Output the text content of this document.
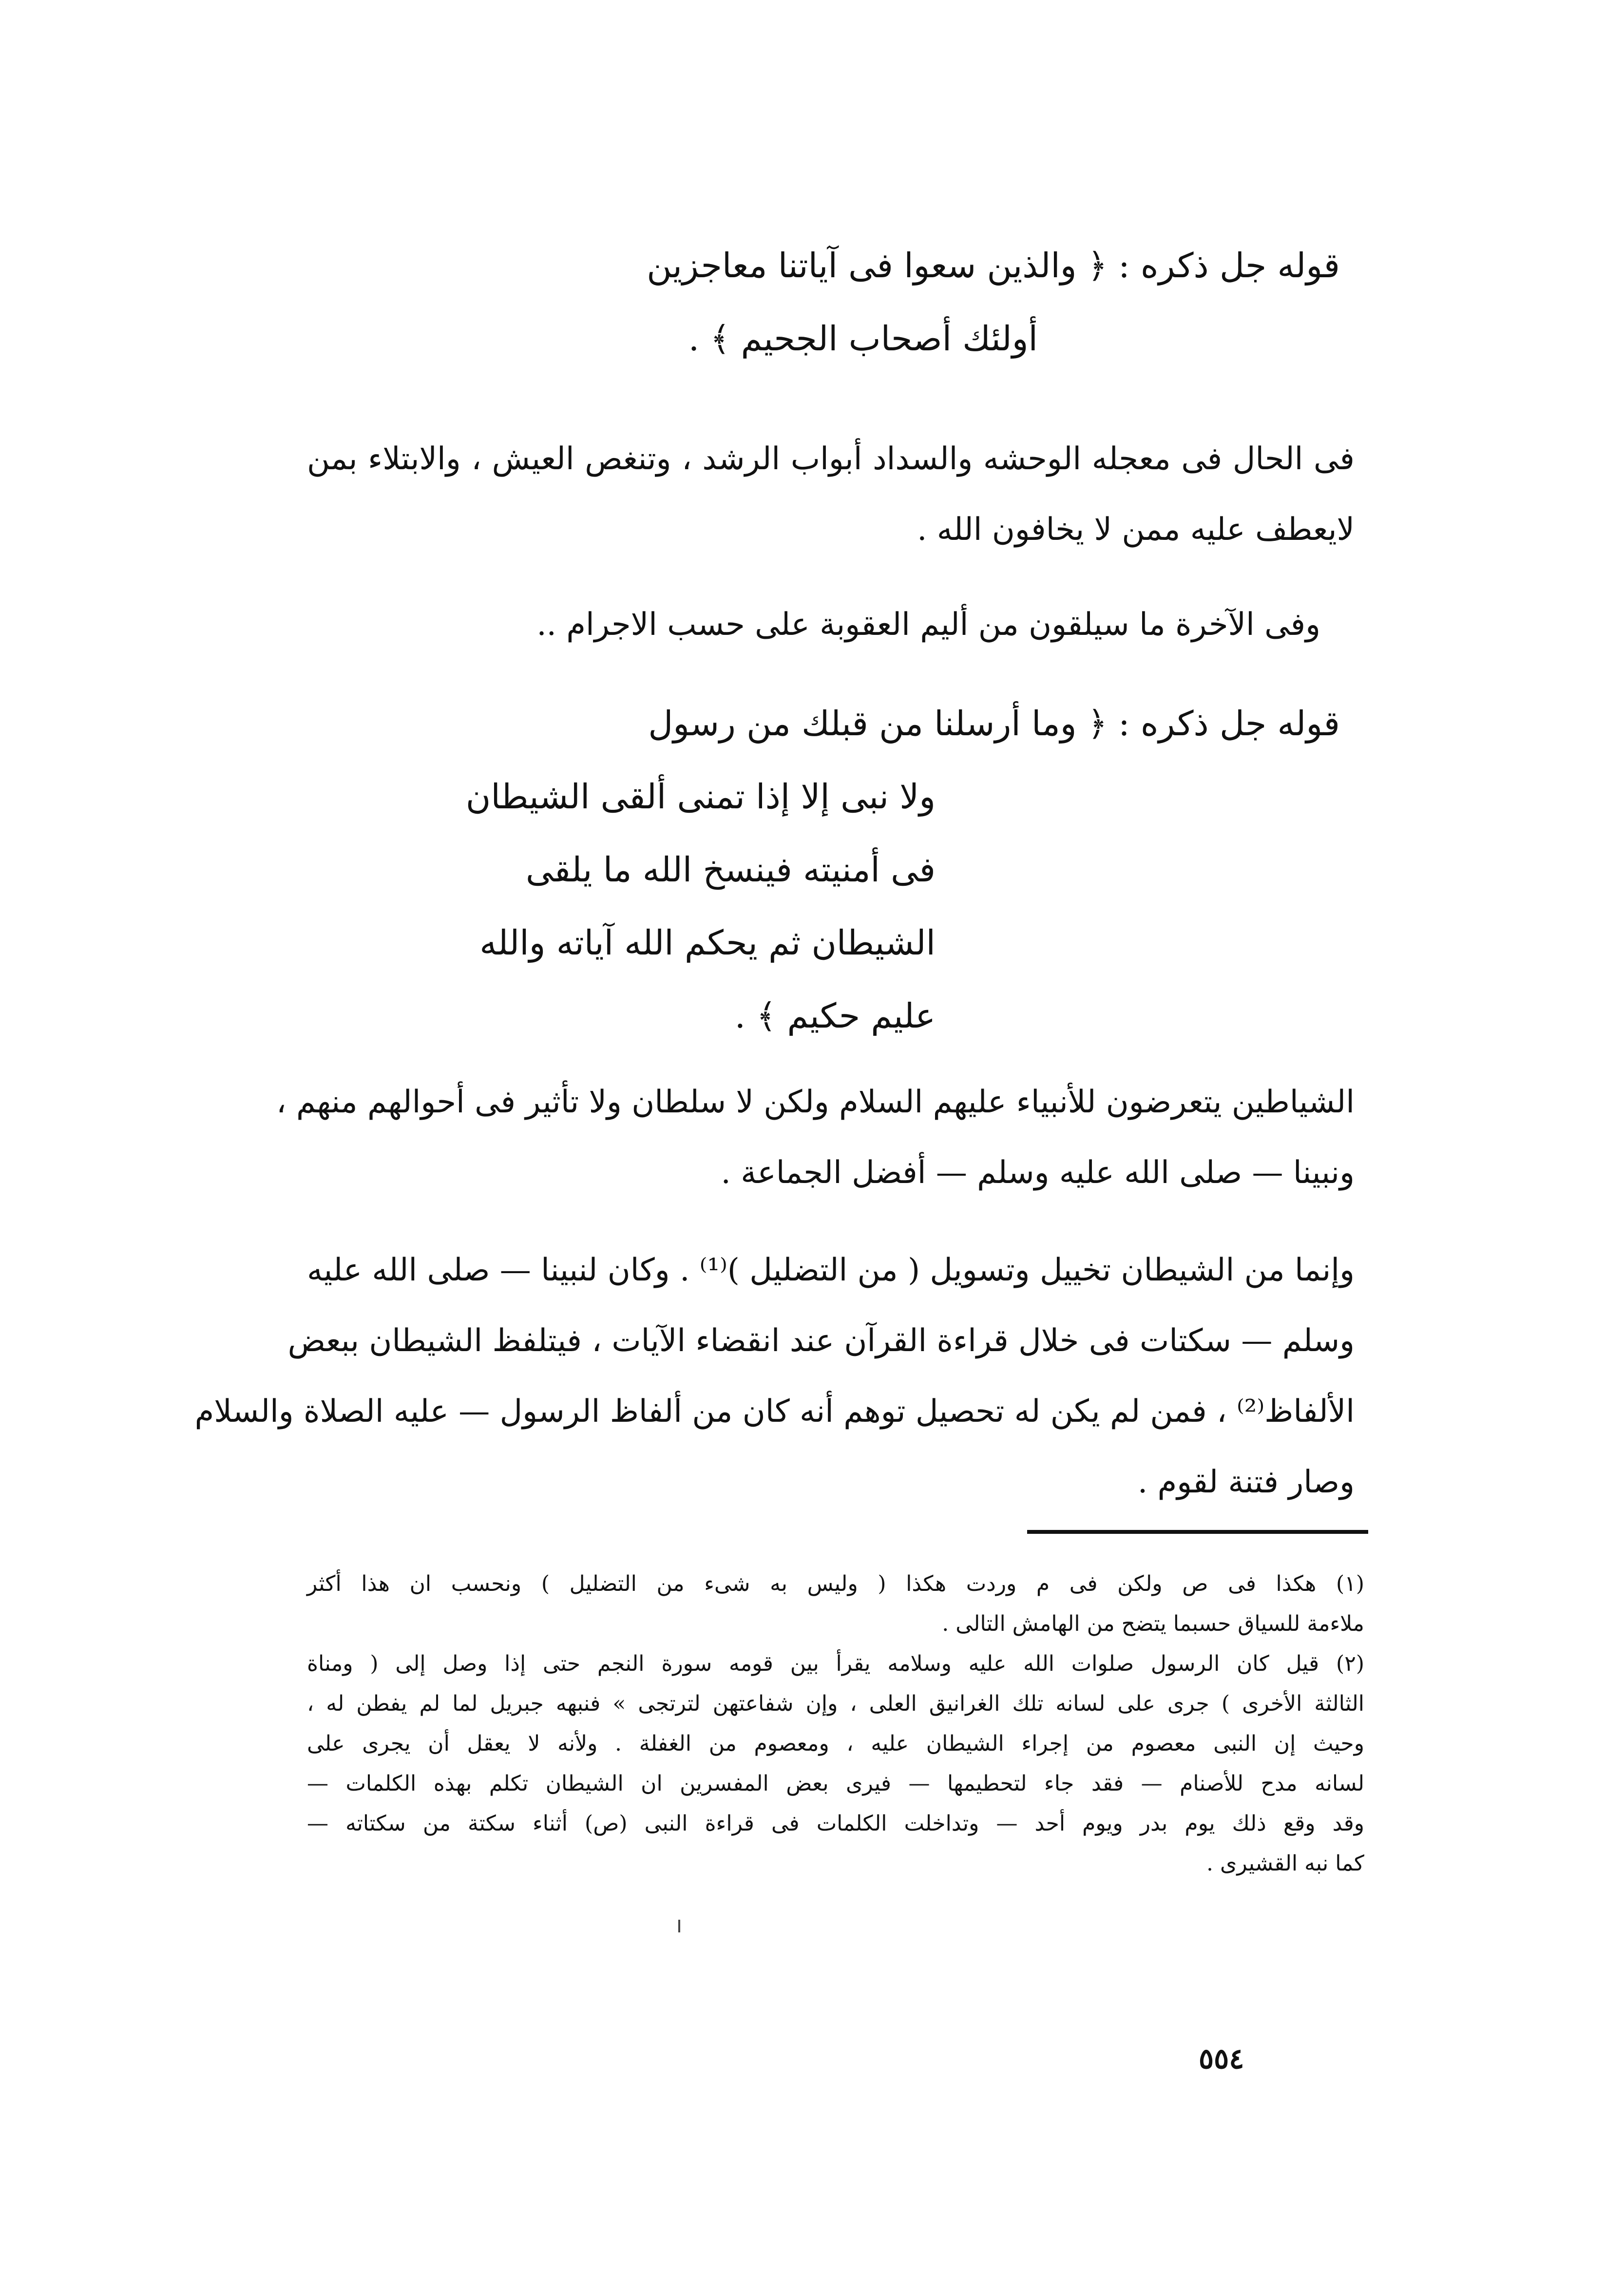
قوله جل ذكره : ﴿ والذين سعوا فى آياتنا معاجزين
أولئك أصحاب الجحيم ﴾ .
فى الحال فى معجله الوحشه والسداد أبواب الرشد ، وتنغص العيش ، والابتلاء بمن
لايعطف عليه ممن لا يخافون الله .
وفى الآخرة ما سيلقون من أليم العقوبة على حسب الاجرام ..
قوله جل ذكره : ﴿ وما أرسلنا من قبلك من رسول
ولا نبى إلا إذا تمنى ألقى الشيطان
فى أمنيته فينسخ الله ما يلقى
الشيطان ثم يحكم الله آياته والله
عليم حكيم ﴾ .
الشياطين يتعرضون للأنبياء عليهم السلام ولكن لا سلطان ولا تأثير فى أحوالهم منهم ،
ونبينا — صلى الله عليه وسلم — أفضل الجماعة .
وإنما من الشيطان تخييل وتسويل ( من التضليل )⁽¹⁾ . وكان لنبينا — صلى الله عليه
وسلم — سكتات فى خلال قراءة القرآن عند انقضاء الآيات ، فيتلفظ الشيطان ببعض
الألفاظ⁽²⁾ ، فمن لم يكن له تحصيل توهم أنه كان من ألفاظ الرسول — عليه الصلاة والسلام
وصار فتنة لقوم .
(١) هكذا فى ص ولكن فى م وردت هكذا ( وليس به شىء من التضليل ) ونحسب ان هذا أكثر
ملاءمة للسياق حسبما يتضح من الهامش التالى .
(٢) قيل كان الرسول صلوات الله عليه وسلامه يقرأ بين قومه سورة النجم حتى إذا وصل إلى ( ومناة
الثالثة الأخرى ) جرى على لسانه تلك الغرانيق العلى ، وإن شفاعتهن لترتجى » فنبهه جبريل لما لم يفطن له ،
وحيث إن النبى معصوم من إجراء الشيطان عليه ، ومعصوم من الغفلة . ولأنه لا يعقل أن يجرى على
لسانه مدح للأصنام — فقد جاء لتحطيمها — فيرى بعض المفسرين ان الشيطان تكلم بهذه الكلمات —
وقد وقع ذلك يوم بدر ويوم أحد — وتداخلت الكلمات فى قراءة النبى (ص) أثناء سكتة من سكتاته —
كما نبه القشيرى .
٥٥٤
